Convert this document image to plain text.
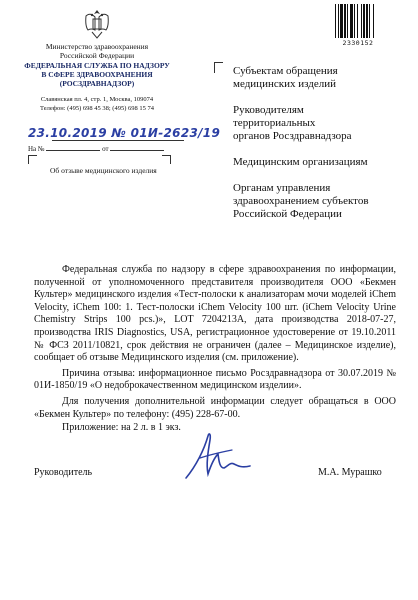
Министерство здравоохранения
Российской Федерации
ФЕДЕРАЛЬНАЯ СЛУЖБА ПО НАДЗОРУ
В СФЕРЕ ЗДРАВООХРАНЕНИЯ
(РОСЗДРАВНАДЗОР)
Славянская пл. 4, стр. 1, Москва, 109074
Телефон: (495) 698 45 38; (495) 698 15 74
23.10.2019 № 01И-2623/19
На №	от
Об отзыве медицинского изделия
2330152
Субъектам обращения
медицинских изделий
Руководителям
территориальных
органов Росздравнадзора
Медицинским организациям
Органам управления
здравоохранением субъектов
Российской Федерации

Федеральная служба по надзору в сфере здравоохранения по информации, полученной от уполномоченного представителя производителя ООО «Бекмен Культер» медицинского изделия «Тест-полоски к анализаторам мочи моделей iChem Velocity, iChem 100: 1. Тест-полоски iChem Velocity 100 шт. (iChem Velocity Urine Chemistry Strips 100 pcs.)», LOT 7204213A, дата производства 2018-07-27, производства IRIS Diagnostics, USA, регистрационное удостоверение от 19.10.2011 № ФСЗ 2011/10821, срок действия не ограничен (далее – Медицинское изделие), сообщает об отзыве Медицинского изделия (см. приложение).

Причина отзыва: информационное письмо Росздравнадзора от 30.07.2019 № 01И-1850/19 «О недоброкачественном медицинском изделии».

Для получения дополнительной информации следует обращаться в ООО «Бекмен Культер» по телефону: (495) 228-67-00.

Приложение: на 2 л. в 1 экз.
Руководитель	М.А. Мурашко
